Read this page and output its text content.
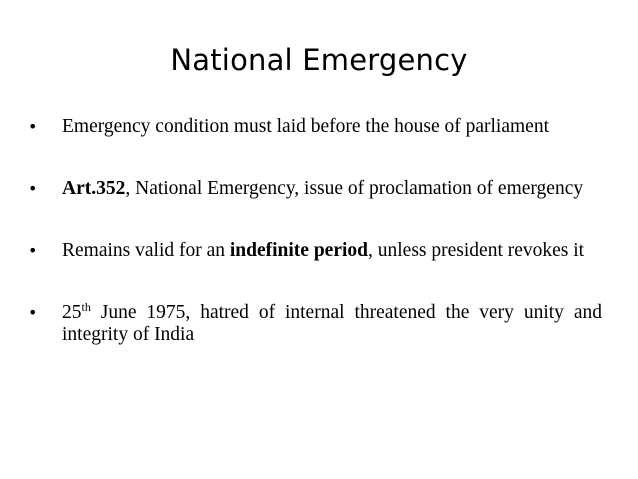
National Emergency
• Emergency condition must laid before the house of parliament
• Art.352, National Emergency, issue of proclamation of emergency
• Remains valid for an indefinite period, unless president revokes it
• 25th June 1975, hatred of internal threatened the very unity and integrity of India
